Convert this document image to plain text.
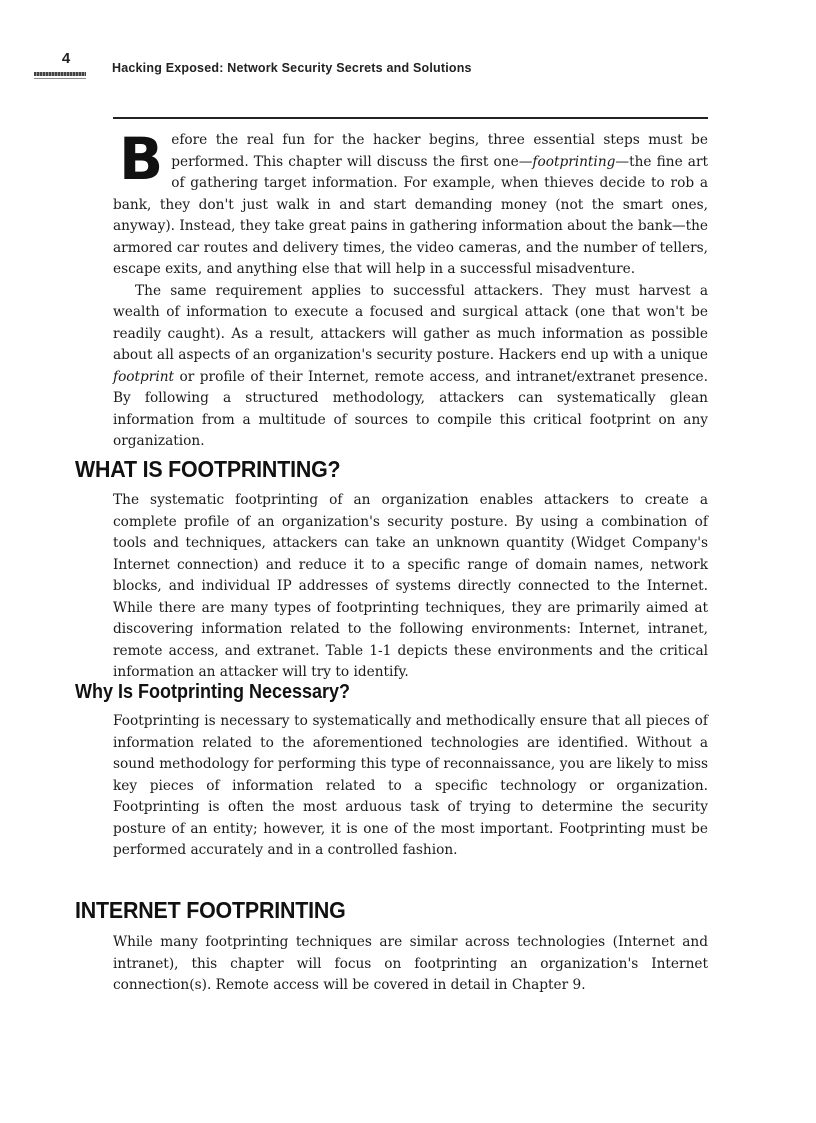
4
Hacking Exposed: Network Security Secrets and Solutions

Before the real fun for the hacker begins, three essential steps must be performed. This chapter will discuss the first one—footprinting—the fine art of gathering target information. For example, when thieves decide to rob a bank, they don't just walk in and start demanding money (not the smart ones, anyway). Instead, they take great pains in gathering information about the bank—the armored car routes and delivery times, the video cameras, and the number of tellers, escape exits, and anything else that will help in a successful misadventure.

The same requirement applies to successful attackers. They must harvest a wealth of information to execute a focused and surgical attack (one that won't be readily caught). As a result, attackers will gather as much information as possible about all aspects of an organization's security posture. Hackers end up with a unique footprint or profile of their Internet, remote access, and intranet/extranet presence. By following a structured methodology, attackers can systematically glean information from a multitude of sources to compile this critical footprint on any organization.

WHAT IS FOOTPRINTING?

The systematic footprinting of an organization enables attackers to create a complete profile of an organization's security posture. By using a combination of tools and techniques, attackers can take an unknown quantity (Widget Company's Internet connection) and reduce it to a specific range of domain names, network blocks, and individual IP addresses of systems directly connected to the Internet. While there are many types of footprinting techniques, they are primarily aimed at discovering information related to the following environments: Internet, intranet, remote access, and extranet. Table 1-1 depicts these environments and the critical information an attacker will try to identify.

Why Is Footprinting Necessary?

Footprinting is necessary to systematically and methodically ensure that all pieces of information related to the aforementioned technologies are identified. Without a sound methodology for performing this type of reconnaissance, you are likely to miss key pieces of information related to a specific technology or organization. Footprinting is often the most arduous task of trying to determine the security posture of an entity; however, it is one of the most important. Footprinting must be performed accurately and in a controlled fashion.

INTERNET FOOTPRINTING

While many footprinting techniques are similar across technologies (Internet and intranet), this chapter will focus on footprinting an organization's Internet connection(s). Remote access will be covered in detail in Chapter 9.
